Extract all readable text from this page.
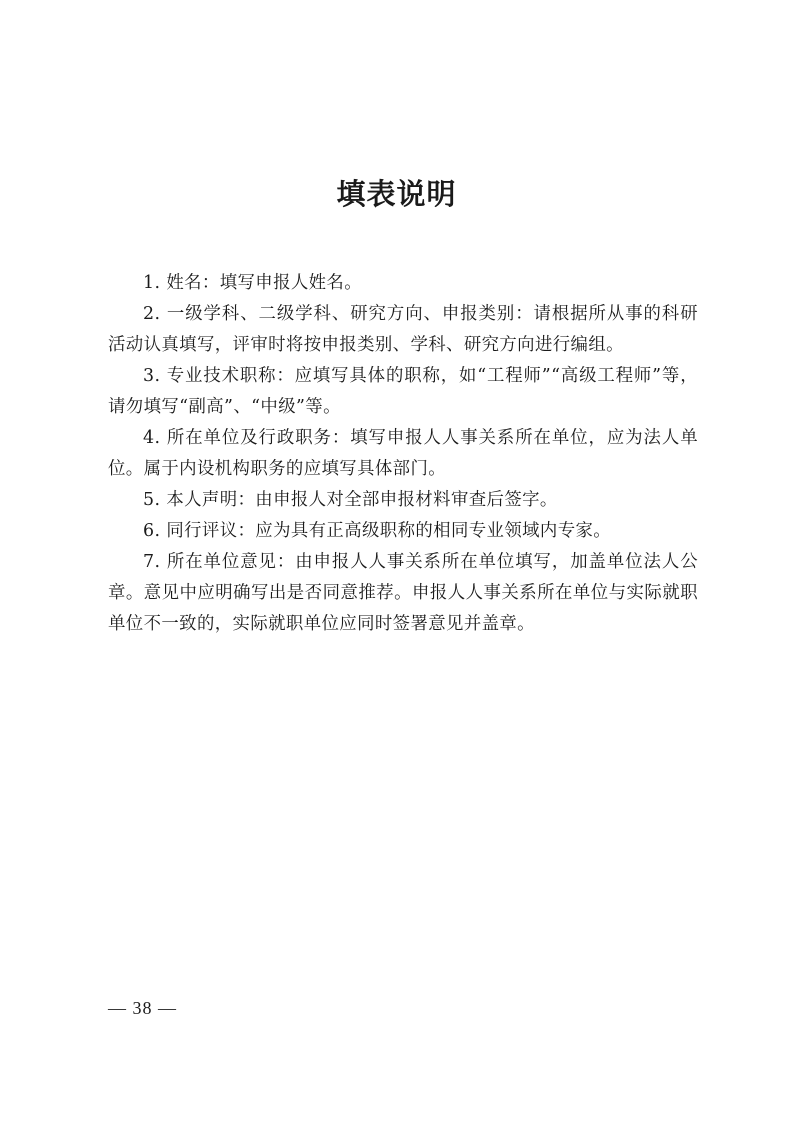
填表说明

1. 姓名：填写申报人姓名。

2. 一级学科、二级学科、研究方向、申报类别：请根据所从事的科研活动认真填写，评审时将按申报类别、学科、研究方向进行编组。

3. 专业技术职称：应填写具体的职称，如“工程师”“高级工程师”等，请勿填写“副高”、“中级”等。

4. 所在单位及行政职务：填写申报人人事关系所在单位，应为法人单位。属于内设机构职务的应填写具体部门。

5. 本人声明：由申报人对全部申报材料审查后签字。

6. 同行评议：应为具有正高级职称的相同专业领域内专家。

7. 所在单位意见：由申报人人事关系所在单位填写，加盖单位法人公章。意见中应明确写出是否同意推荐。申报人人事关系所在单位与实际就职单位不一致的，实际就职单位应同时签署意见并盖章。

— 38 —
